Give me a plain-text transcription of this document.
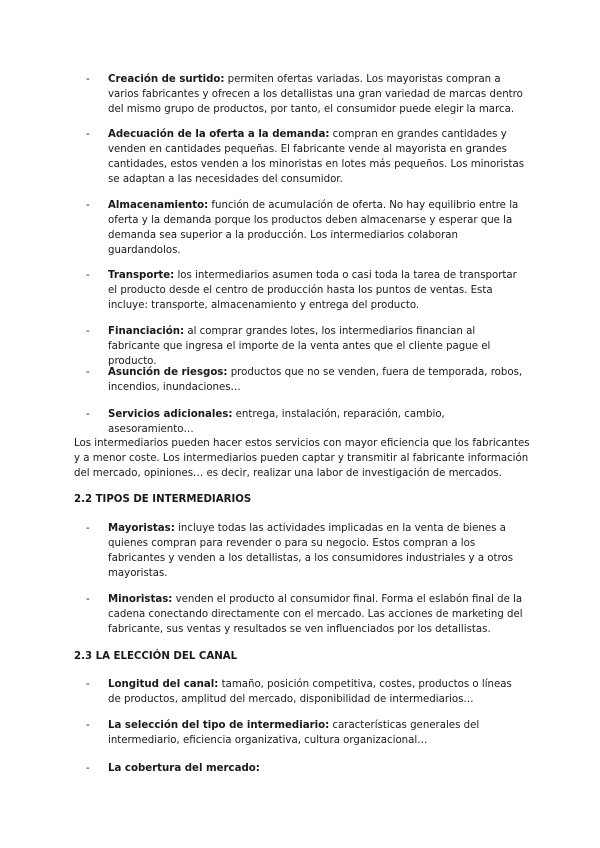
- Creación de surtido: permiten ofertas variadas. Los mayoristas compran a varios fabricantes y ofrecen a los detallistas una gran variedad de marcas dentro del mismo grupo de productos, por tanto, el consumidor puede elegir la marca.
- Adecuación de la oferta a la demanda: compran en grandes cantidades y venden en cantidades pequeñas. El fabricante vende al mayorista en grandes cantidades, estos venden a los minoristas en lotes más pequeños. Los minoristas se adaptan a las necesidades del consumidor.
- Almacenamiento: función de acumulación de oferta. No hay equilibrio entre la oferta y la demanda porque los productos deben almacenarse y esperar que la demanda sea superior a la producción. Los intermediarios colaboran guardandolos.
- Transporte: los intermediarios asumen toda o casi toda la tarea de transportar el producto desde el centro de producción hasta los puntos de ventas. Esta incluye: transporte, almacenamiento y entrega del producto.
- Financiación: al comprar grandes lotes, los intermediarios financian al fabricante que ingresa el importe de la venta antes que el cliente pague el producto.
- Asunción de riesgos: productos que no se venden, fuera de temporada, robos, incendios, inundaciones…
- Servicios adicionales: entrega, instalación, reparación, cambio, asesoramiento…
Los intermediarios pueden hacer estos servicios con mayor eficiencia que los fabricantes y a menor coste. Los intermediarios pueden captar y transmitir al fabricante información del mercado, opiniones… es decir, realizar una labor de investigación de mercados.
2.2 TIPOS DE INTERMEDIARIOS
- Mayoristas: incluye todas las actividades implicadas en la venta de bienes a quienes compran para revender o para su negocio. Estos compran a los fabricantes y venden a los detallistas, a los consumidores industriales y a otros mayoristas.
- Minoristas: venden el producto al consumidor final. Forma el eslabón final de la cadena conectando directamente con el mercado. Las acciones de marketing del fabricante, sus ventas y resultados se ven influenciados por los detallistas.
2.3 LA ELECCIÓN DEL CANAL
- Longitud del canal: tamaño, posición competitiva, costes, productos o líneas de productos, amplitud del mercado, disponibilidad de intermediarios…
- La selección del tipo de intermediario: características generales del intermediario, eficiencia organizativa, cultura organizacional…
- La cobertura del mercado:
